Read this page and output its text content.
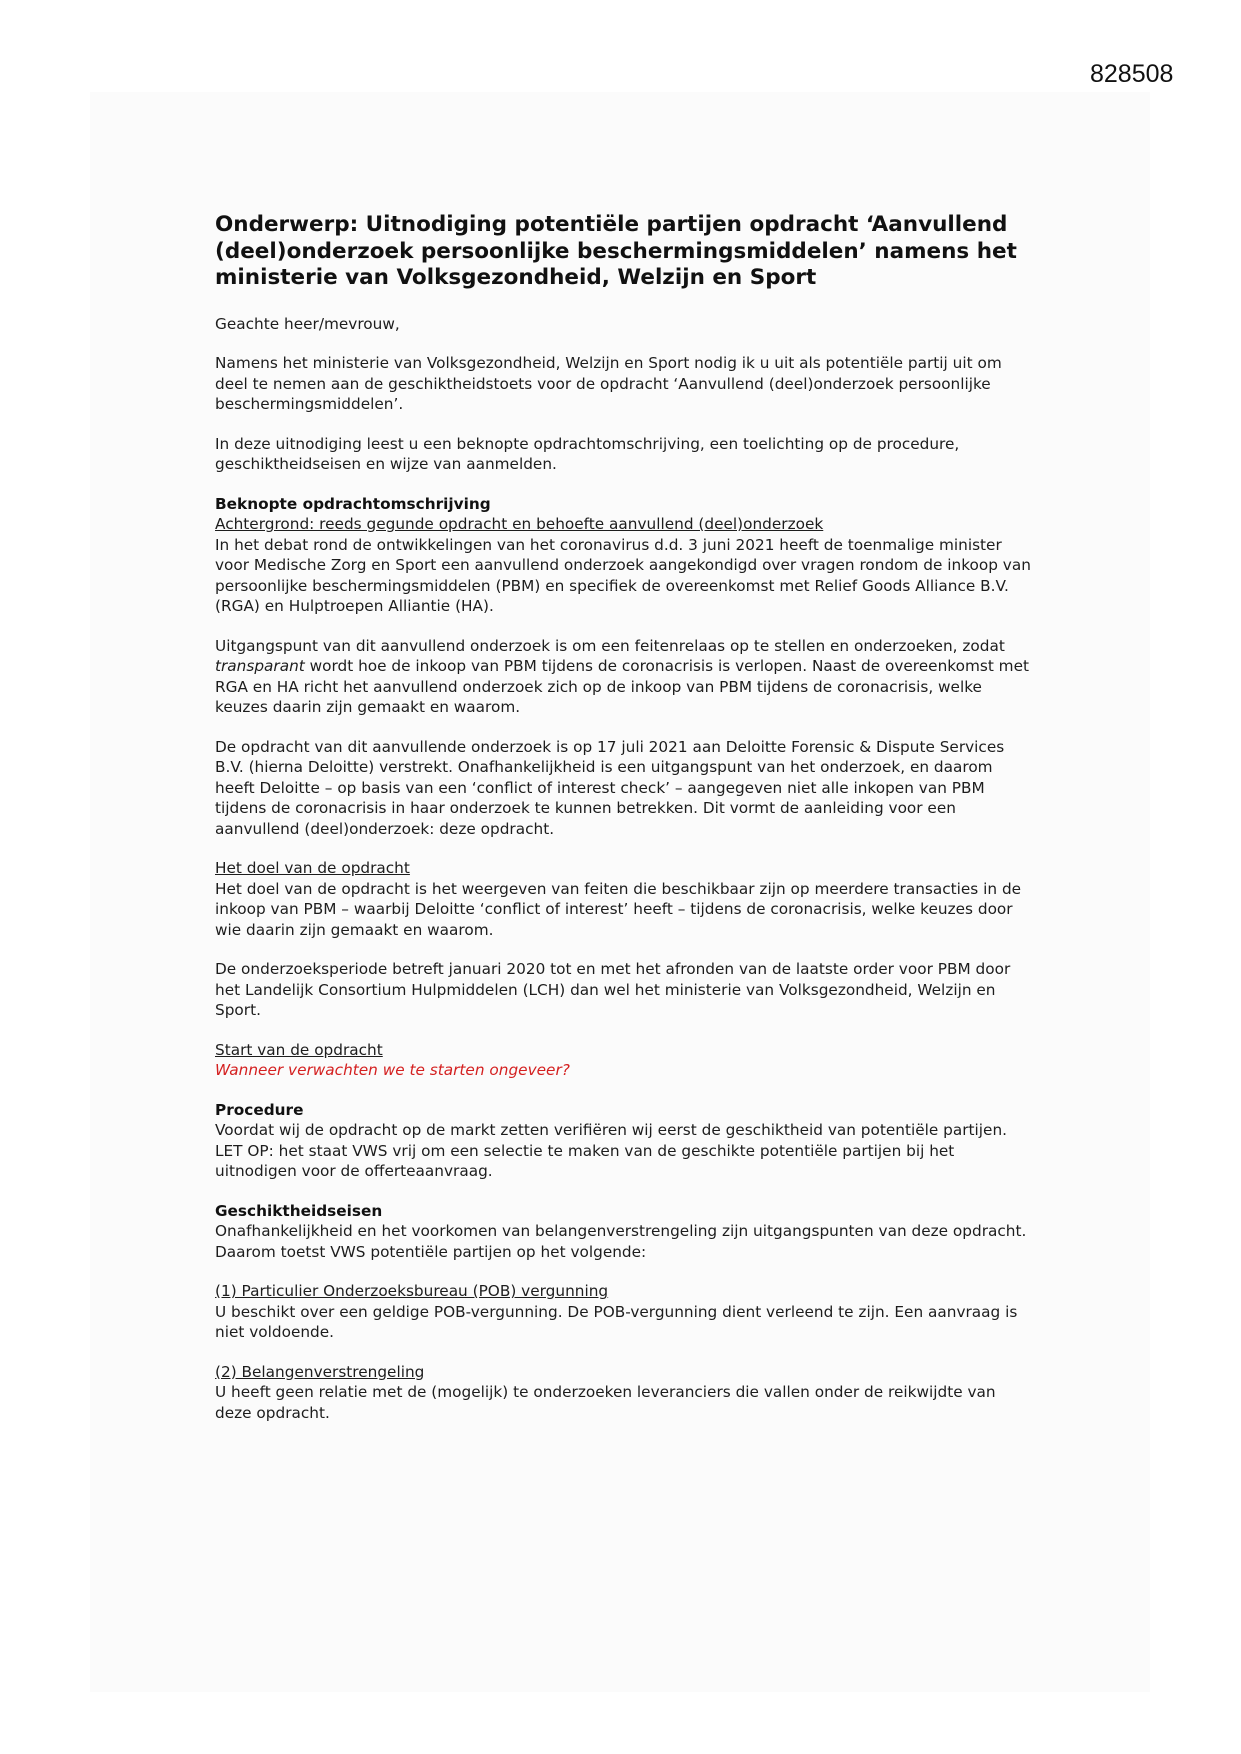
828508
Onderwerp: Uitnodiging potentiële partijen opdracht ‘Aanvullend (deel)onderzoek persoonlijke beschermingsmiddelen’ namens het ministerie van Volksgezondheid, Welzijn en Sport

Geachte heer/mevrouw,

Namens het ministerie van Volksgezondheid, Welzijn en Sport nodig ik u uit als potentiële partij uit om deel te nemen aan de geschiktheidstoets voor de opdracht ‘Aanvullend (deel)onderzoek persoonlijke beschermingsmiddelen’.

In deze uitnodiging leest u een beknopte opdrachtomschrijving, een toelichting op de procedure, geschiktheidseisen en wijze van aanmelden.

Beknopte opdrachtomschrijving

Achtergrond: reeds gegunde opdracht en behoefte aanvullend (deel)onderzoek

In het debat rond de ontwikkelingen van het coronavirus d.d. 3 juni 2021 heeft de toenmalige minister voor Medische Zorg en Sport een aanvullend onderzoek aangekondigd over vragen rondom de inkoop van persoonlijke beschermingsmiddelen (PBM) en specifiek de overeenkomst met Relief Goods Alliance B.V. (RGA) en Hulptroepen Alliantie (HA).

Uitgangspunt van dit aanvullend onderzoek is om een feitenrelaas op te stellen en onderzoeken, zodat transparant wordt hoe de inkoop van PBM tijdens de coronacrisis is verlopen. Naast de overeenkomst met RGA en HA richt het aanvullend onderzoek zich op de inkoop van PBM tijdens de coronacrisis, welke keuzes daarin zijn gemaakt en waarom.

De opdracht van dit aanvullende onderzoek is op 17 juli 2021 aan Deloitte Forensic & Dispute Services B.V. (hierna Deloitte) verstrekt. Onafhankelijkheid is een uitgangspunt van het onderzoek, en daarom heeft Deloitte – op basis van een ‘conflict of interest check’ – aangegeven niet alle inkopen van PBM tijdens de coronacrisis in haar onderzoek te kunnen betrekken. Dit vormt de aanleiding voor een aanvullend (deel)onderzoek: deze opdracht.

Het doel van de opdracht

Het doel van de opdracht is het weergeven van feiten die beschikbaar zijn op meerdere transacties in de inkoop van PBM – waarbij Deloitte ‘conflict of interest’ heeft – tijdens de coronacrisis, welke keuzes door wie daarin zijn gemaakt en waarom.

De onderzoeksperiode betreft januari 2020 tot en met het afronden van de laatste order voor PBM door het Landelijk Consortium Hulpmiddelen (LCH) dan wel het ministerie van Volksgezondheid, Welzijn en Sport.

Start van de opdracht

Wanneer verwachten we te starten ongeveer?

Procedure

Voordat wij de opdracht op de markt zetten verifiëren wij eerst de geschiktheid van potentiële partijen. LET OP: het staat VWS vrij om een selectie te maken van de geschikte potentiële partijen bij het uitnodigen voor de offerteaanvraag.

Geschiktheidseisen

Onafhankelijkheid en het voorkomen van belangenverstrengeling zijn uitgangspunten van deze opdracht. Daarom toetst VWS potentiële partijen op het volgende:

(1) Particulier Onderzoeksbureau (POB) vergunning

U beschikt over een geldige POB-vergunning. De POB-vergunning dient verleend te zijn. Een aanvraag is niet voldoende.

(2) Belangenverstrengeling

U heeft geen relatie met de (mogelijk) te onderzoeken leveranciers die vallen onder de reikwijdte van deze opdracht.
